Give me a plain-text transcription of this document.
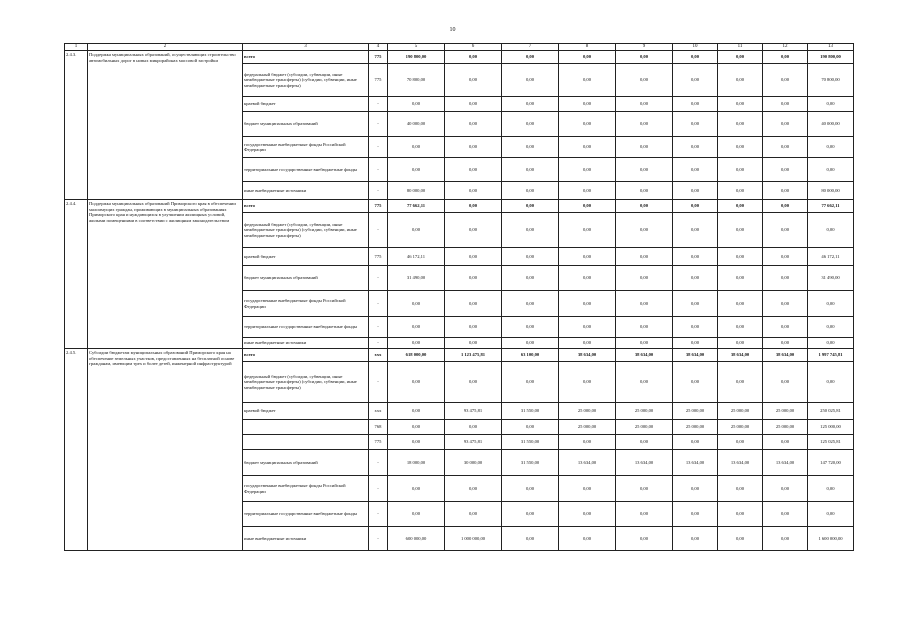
10
1	2	3	4	5	6	7	8	9	10	11	12	13
2.4.3.	Поддержка муниципальных образований, осуществляющих строительство автомобильных дорог в новых микрорайонах массовой застройки	всего	775	190 800,00	0,00	0,00	0,00	0,00	0,00	0,00	0,00	190 800,00
		федеральный бюджет (субсидии, субвенции, иные межбюджетные трансферты) (субсидии, субвенции, иные межбюджетные трансферты)	775	70 800,00	0,00	0,00	0,00	0,00	0,00	0,00	0,00	70 800,00
		краевой бюджет	-	0,00	0,00	0,00	0,00	0,00	0,00	0,00	0,00	0,00
		бюджет муниципальных образований	-	40 000,00	0,00	0,00	0,00	0,00	0,00	0,00	0,00	40 000,00
		государственные внебюджетные фонды Российской Федерации	-	0,00	0,00	0,00	0,00	0,00	0,00	0,00	0,00	0,00
		территориальные государственные внебюджетные фонды	-	0,00	0,00	0,00	0,00	0,00	0,00	0,00	0,00	0,00
		иные внебюджетные источники	-	80 000,00	0,00	0,00	0,00	0,00	0,00	0,00	0,00	80 000,00
2.4.4.	Поддержка муниципальных образований Приморского края в обеспечении малоимущих граждан, проживающих в муниципальных образованиях Приморского края и нуждающихся в улучшении жилищных условий, жилыми помещениями в соответствии с жилищным законодательством	всего	775	77 662,11	0,00	0,00	0,00	0,00	0,00	0,00	0,00	77 662,11
		федеральный бюджет (субсидии, субвенции, иные межбюджетные трансферты) (субсидии, субвенции, иные межбюджетные трансферты)	-	0,00	0,00	0,00	0,00	0,00	0,00	0,00	0,00	0,00
		краевой бюджет	775	46 172,11	0,00	0,00	0,00	0,00	0,00	0,00	0,00	46 172,11
		бюджет муниципальных образований	-	31 490,00	0,00	0,00	0,00	0,00	0,00	0,00	0,00	31 490,00
		государственные внебюджетные фонды Российской Федерации	-	0,00	0,00	0,00	0,00	0,00	0,00	0,00	0,00	0,00
		территориальные государственные внебюджетные фонды	-	0,00	0,00	0,00	0,00	0,00	0,00	0,00	0,00	0,00
		иные внебюджетные источники	-	0,00	0,00	0,00	0,00	0,00	0,00	0,00	0,00	0,00
2.4.5.	Субсидии бюджетам муниципальных образований Приморского края на обеспечение земельных участков, предоставленных на бесплатной основе гражданам, имеющим трех и более детей, инженерной инфраструктурой	всего	ххх	618 000,00	1 123 475,81	63 100,00	38 634,00	38 634,00	38 634,00	38 634,00	38 634,00	1 997 745,81
		федеральный бюджет (субсидии, субвенции, иные межбюджетные трансферты) (субсидии, субвенции, иные межбюджетные трансферты)	-	0,00	0,00	0,00	0,00	0,00	0,00	0,00	0,00	0,00
		краевой бюджет	ххх	0,00	93 475,81	31 550,00	25 000,00	25 000,00	25 000,00	25 000,00	25 000,00	250 025,81
			768	0,00	0,00	0,00	25 000,00	25 000,00	25 000,00	25 000,00	25 000,00	125 000,00
			775	0,00	93 475,81	31 550,00	0,00	0,00	0,00	0,00	0,00	125 025,81
		бюджет муниципальных образований	-	18 000,00	30 000,00	31 550,00	13 634,00	13 634,00	13 634,00	13 634,00	13 634,00	147 720,00
		государственные внебюджетные фонды Российской Федерации	-	0,00	0,00	0,00	0,00	0,00	0,00	0,00	0,00	0,00
		территориальные государственные внебюджетные фонды	-	0,00	0,00	0,00	0,00	0,00	0,00	0,00	0,00	0,00
		иные внебюджетные источники	-	600 000,00	1 000 000,00	0,00	0,00	0,00	0,00	0,00	0,00	1 600 000,00
